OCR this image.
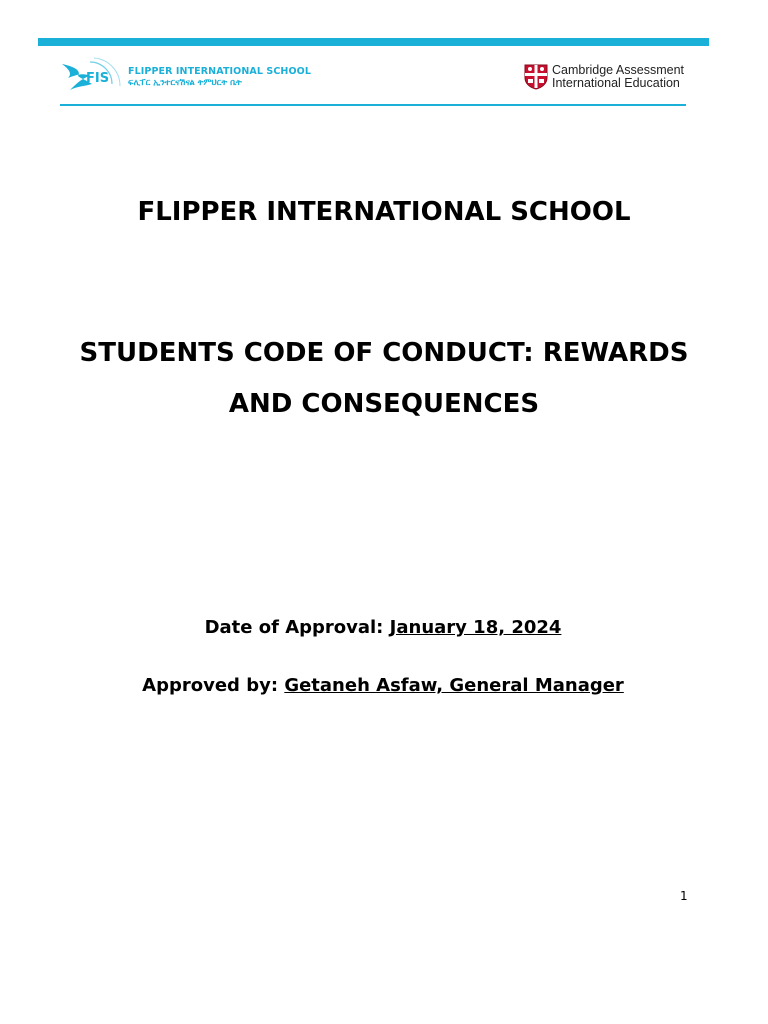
FIS FLIPPER INTERNATIONAL SCHOOL
ፍሊፐር ኢንተርናሽናል ትምህርት ቤት
Cambridge Assessment
International Education
FLIPPER INTERNATIONAL SCHOOL
STUDENTS CODE OF CONDUCT: REWARDS
AND CONSEQUENCES
Date of Approval: January 18, 2024
Approved by: Getaneh Asfaw, General Manager
1
